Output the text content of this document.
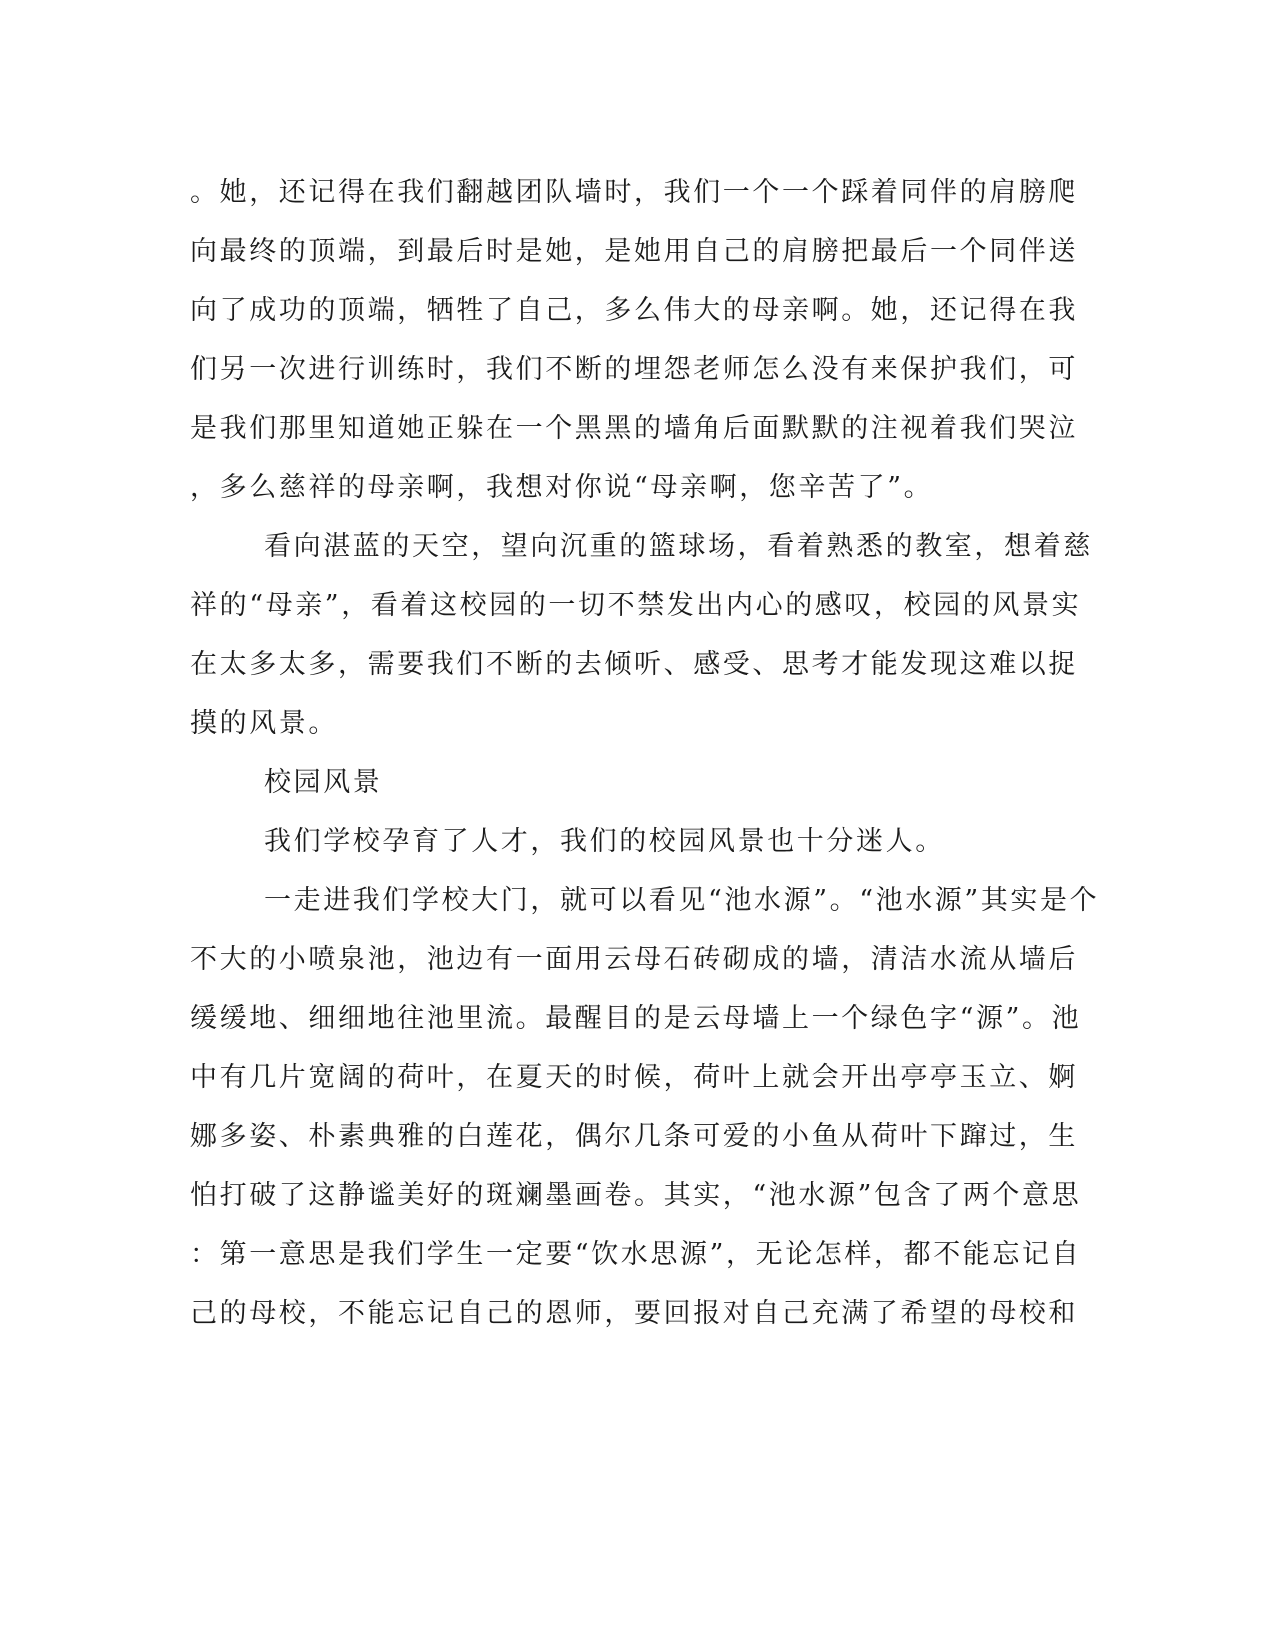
。她，还记得在我们翻越团队墙时，我们一个一个踩着同伴的肩膀爬
向最终的顶端，到最后时是她，是她用自己的肩膀把最后一个同伴送
向了成功的顶端，牺牲了自己，多么伟大的母亲啊。她，还记得在我
们另一次进行训练时，我们不断的埋怨老师怎么没有来保护我们，可
是我们那里知道她正躲在一个黑黑的墙角后面默默的注视着我们哭泣
，多么慈祥的母亲啊，我想对你说“母亲啊，您辛苦了”。
看向湛蓝的天空，望向沉重的篮球场，看着熟悉的教室，想着慈
祥的“母亲”，看着这校园的一切不禁发出内心的感叹，校园的风景实
在太多太多，需要我们不断的去倾听、感受、思考才能发现这难以捉
摸的风景。
校园风景
我们学校孕育了人才，我们的校园风景也十分迷人。
一走进我们学校大门，就可以看见“池水源”。“池水源”其实是个
不大的小喷泉池，池边有一面用云母石砖砌成的墙，清洁水流从墙后
缓缓地、细细地往池里流。最醒目的是云母墙上一个绿色字“源”。池
中有几片宽阔的荷叶，在夏天的时候，荷叶上就会开出亭亭玉立、婀
娜多姿、朴素典雅的白莲花，偶尔几条可爱的小鱼从荷叶下蹿过，生
怕打破了这静谧美好的斑斓墨画卷。其实，“池水源”包含了两个意思
：第一意思是我们学生一定要“饮水思源”，无论怎样，都不能忘记自
己的母校，不能忘记自己的恩师，要回报对自己充满了希望的母校和
